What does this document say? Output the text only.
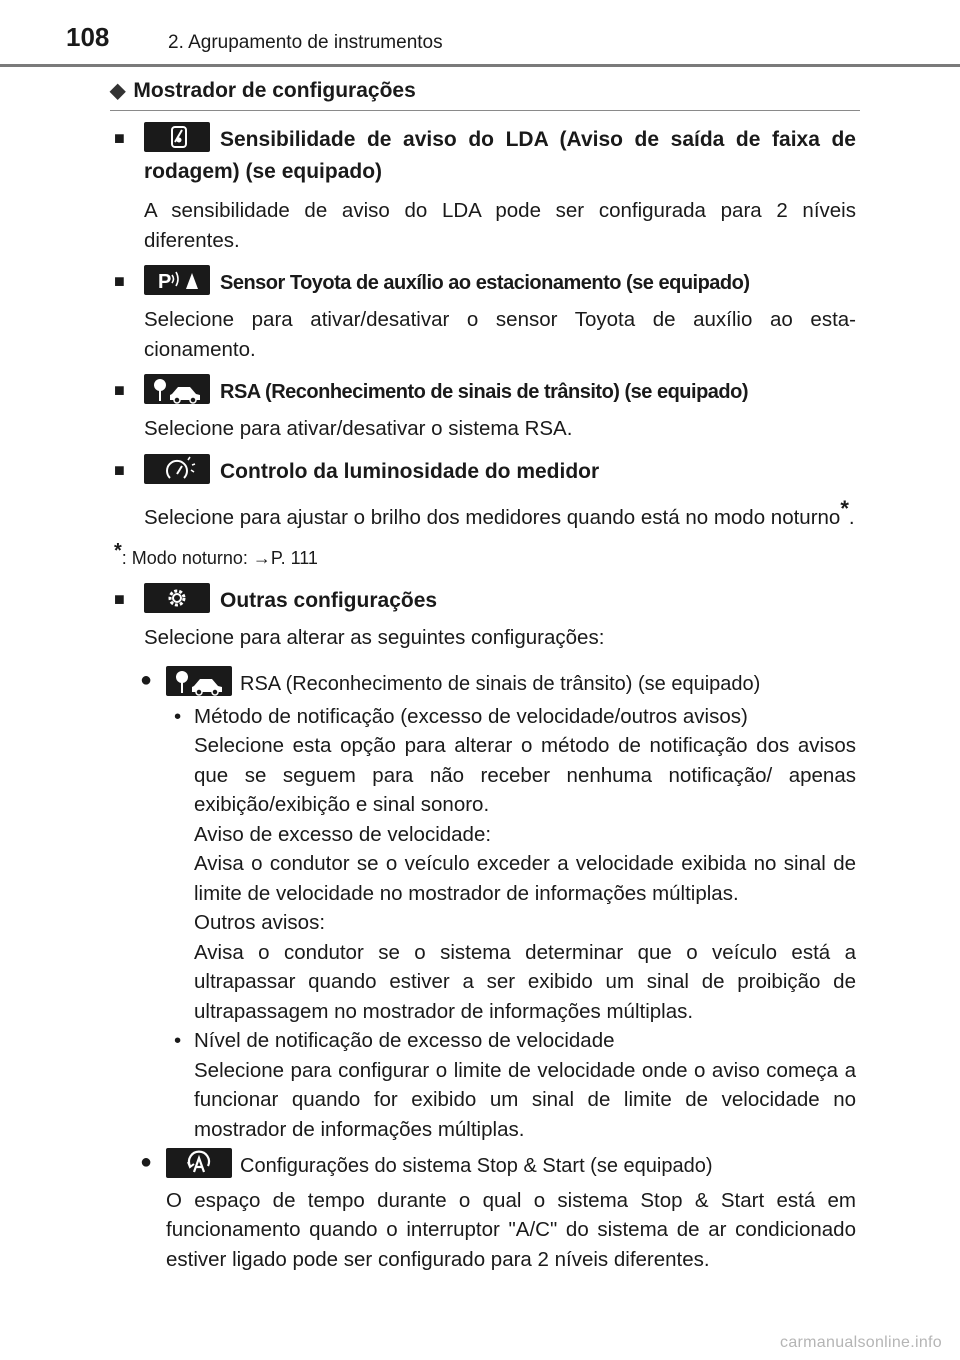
108	2. Agrupamento de instrumentos
◆ Mostrador de configurações
■	Sensibilidade de aviso do LDA (Aviso de saída de faixa de rodagem) (se equipado)
A sensibilidade de aviso do LDA pode ser configurada para 2 níveis diferentes.
■ P Sensor Toyota de auxílio ao estacionamento (se equipado)
Selecione para ativar/desativar o sensor Toyota de auxílio ao esta-cionamento.
■	RSA (Reconhecimento de sinais de trânsito) (se equipado)
Selecione para ativar/desativar o sistema RSA.
■	Controlo da luminosidade do medidor
Selecione para ajustar o brilho dos medidores quando está no modo noturno*.
*: Modo noturno: →P. 111
■	Outras configurações
Selecione para alterar as seguintes configurações:
●	RSA (Reconhecimento de sinais de trânsito) (se equipado)
• Método de notificação (excesso de velocidade/outros avisos)
Selecione esta opção para alterar o método de notificação dos avisos que se seguem para não receber nenhuma notificação/ apenas exibição/exibição e sinal sonoro.
Aviso de excesso de velocidade:
Avisa o condutor se o veículo exceder a velocidade exibida no sinal de limite de velocidade no mostrador de informações múltiplas.
Outros avisos:
Avisa o condutor se o sistema determinar que o veículo está a ultrapassar quando estiver a ser exibido um sinal de proibição de ultrapassagem no mostrador de informações múltiplas.
• Nível de notificação de excesso de velocidade
Selecione para configurar o limite de velocidade onde o aviso começa a funcionar quando for exibido um sinal de limite de velocidade no mostrador de informações múltiplas.
●	Configurações do sistema Stop & Start (se equipado)
O espaço de tempo durante o qual o sistema Stop & Start está em funcionamento quando o interruptor "A/C" do sistema de ar condicionado estiver ligado pode ser configurado para 2 níveis diferentes.
carmanualsonline.info
